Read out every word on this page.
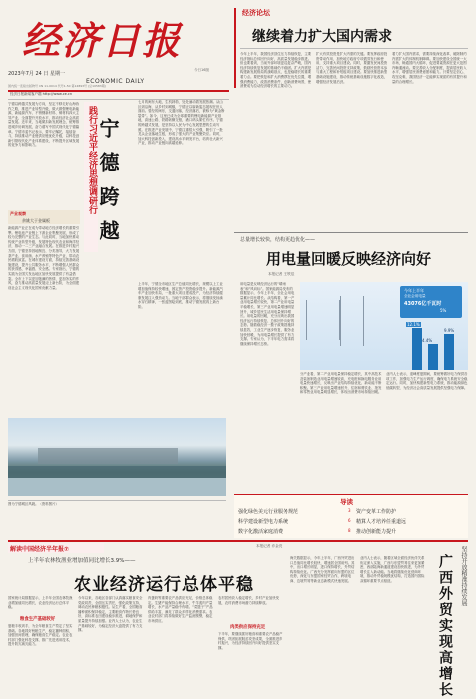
经济日报
2023年7月 24 日 星期一
ECONOMIC DAILY
今日16版
国内统一连续出版物号 CN 11-0014 代号1-50 第14893号 (总10583期)
经济日报新闻客户端 http://www.ce.cn
宁德以跨越式发展为方向，坚定不移走好山海协作之路，推进产业转型升级，做大做强锂电新能源、新能源汽车、不锈钢新材料、铜材料四大主导产业，全面提升开放水平，推动经济社会高质量发展。近年来，当地紧扣新发展理念，统筹推进城乡协调发展，奋力谱写中国式现代化宁德篇章。宁德市委书记表示，要牢记嘱托，接续奋斗，持续推动产业链供应链优化升级，以科技创新引领现代化产业体系建设，不断提升区域发展的竞争力和影响力。
产业观察
余姚大于金属板
新能源产业正在成为带动地方经济增长的重要引擎。锂电池产业链上下游企业集聚发展，形成了较为完整的产业生态。与此同时，当地加快推动传统产业转型升级，发展特色现代农业和海洋经济，推动一二三产业融合发展。在推进乡村振兴方面，宁德坚持因地制宜、分类指导，大力发展茶产业、食用菌、水产养殖等特色产业，带动农民增收致富。在城市建设方面，持续完善基础设施建设，提升公共服务水平，不断增强人民群众的获得感、幸福感、安全感。专家指出，宁德的实践为全国欠发达地区加快发展提供了有益借鉴。全市上下以更加饱满的热情、更加务实的作风，奋力推动高质量发展迈上新台阶，为全面建设社会主义现代化国家贡献力量。
践行习近平经济思想调研行 宁德跨越
七月的闽东大地，生机勃勃，处处涌动着发展热潮。从山区到沿海，从乡村到城镇，宁德正以崭新姿态展现在世人面前。曾经的闽东，交通闭塞，经济落后，被称为“黄金断裂带”。如今，这里已成为全球重要的锂电新能源产业基地，高速公路、铁路纵横交错，港口码头繁忙有序。宁德的跨越式发展，是坚持以人民为中心发展思想的生动写照。在推进产业发展中，宁德注重招大引强，吸引了一批龙头企业落地生根，形成了强大的产业集聚效应。同时，加大科技创新投入，建设高水平研发平台，培育壮大新兴产业，推动产业链向高端延伸。
上半年，宁德全市地区生产总值同比增长，规模以上工业增加值保持较快增速，固定资产投资稳步提升。新能源汽车产业加快布局，一批重大项目建成投产，为经济持续健康发展注入强劲动力。当地干部群众表示，将继续发扬滴水穿石精神，一张蓝图绘到底，推动宁德发展再上新台阶。
图为宁德城区风貌。（资料图片）
经济论坛
继续着力扩大国内需求
今年上半年，我国经济顶住压力持续恢复，主要经济指标总体回升向好，高质量发展稳步推进。但也要看到，当前外部环境更趋复杂严峻，国内经济持续恢复发展的基础仍不稳固。扩大内需是构建新发展格局的战略基点，也是稳增长的重要着力点。要把恢复和扩大消费摆在优先位置，增强消费能力，改善消费条件，创新消费场景，使消费成为拉动经济增长的主要动力。
扩大有效投资是扩大内需的关键。要发挥政府投资带动作用，加快地方政府专项债券发行和使用，支持重大项目建设。同时，要激发民间投资活力，完善民间投资支持政策，鼓励民营资本参与重大工程和补短板项目建设。要加快推进新型基础设施建设，推动传统基础设施数字化改造，增强经济发展后劲。
着力扩大国内需求，需要持续深化改革，破除制约内需扩大的体制机制障碍。要加快建设全国统一大市场，畅通国内大循环，促进要素资源在更大范围内畅通流动。要完善收入分配制度，提高居民收入水平，增强居民消费意愿和能力。只要坚定信心、攻坚克难，我国经济一定能够实现质的有效提升和量的合理增长。
总量增长较快，结构更趋优化——
用电量回暖反映经济向好
本报记者 王轶辰
用电量是反映经济运行的“晴雨表”和“风向标”。国家能源局发布的数据显示，今年上半年，全社会用电量累计同比增长。从结构看，第一产业用电量增长较快，第二产业用电量平稳增长，第三产业用电量增速明显回升，城乡居民生活用电量保持增长。用电量的回暖，充分反映出我国经济运行持续恢复、总体回升向好的态势。随着稳经济一揽子政策措施持续显效，工业生产逐步恢复，服务业加快回暖，为用电量增长提供了有力支撑。专家认为，下半年电力需求将继续保持增长态势。
今年上半年
全社会用电量
43076亿千瓦时
5%
12.1%
4.4%
9.9%
分产业看，第二产业用电量保持稳定增长，其中高技术及装备制造业用电量增速较高，充电桩和换电服务业用电量快速增长，反映出产业结构持续优化、新动能不断积聚。第三产业用电量增速回升，住宿和餐饮业、批发和零售业用电量明显增长，体现出消费市场持续回暖。
业内人士表示，迎峰度夏期间，要统筹做好电力保供各项工作，加强电力生产运行调度，确保电力系统安全稳定运行。同时，加快构建新型电力系统，推动能源绿色低碳转型，为经济社会高质量发展提供坚强电力保障。
导读
强化绿色美元行业服务规范	3 资产变革工作防护
科学建设新型电力系统	6 精算人才培养任重道远
数字化激活家庭消费	8 推动创新能力提升
解读中国经济半年报⑦
上半年农林牧渔业增加值同比增长3.9%——
农业经济运行总体平稳
本报记者 乔金亮
国家统计局数据显示，上半年全国农林牧渔业增加值同比增长，农业经济运行总体平稳。
粮食生产基础较好
夏粮丰收到手，为全年粮食生产奠定了坚实基础。各地抓好秋粮生产，稳定播种面积，加强田间管理，确保粮食生产稳定。农业农村部门强化科技支撑，推广先进适用技术，提升防灾减灾能力。
今年以来，各地区各部门认真落实粮食安全党政同责，全面压实责任，强化政策支持，调动农民种粮积极性。从生产看，全国粮食播种面积保持稳定，主要粮食作物长势良好，高标准农田建设稳步推进，耕地保护和质量提升持续加强。业内人士认为，农业生产基础较好，为稳定经济大盘提供了有力支撑。
肉蛋奶等重要农产品供应充足，价格总体稳定。生猪产能保持合理水平，牛羊禽肉产量增长，水产品产量稳中有增。“菜篮子”产品供给丰富，满足了群众多样化消费需求。农业农村部门将持续做好生产监测预警，稳定市场供应。
农村居民收入稳定增长，乡村产业加快发展，农村消费市场潜力持续释放。
肉类供应保持充足
下半年，要继续抓好粮食和重要农产品稳产保供，巩固拓展脱贫攻坚成果，全面推进乡村振兴，为经济持续回升向好提供坚实支撑。
海关数据显示，今年上半年，广西外贸进出口总值同比增长较快，增速居全国前列。其中，出口增长明显，进口保持增长，外贸结构持续优化。广西充分发挥面向东盟的区位优势，深化与东盟国家经贸合作，跨境电商、边境贸易等新业态新模式快速发展。
业内人士表示，随着区域全面经济伙伴关系协定深入实施，广西与东盟贸易往来更加紧密，西部陆海新通道建设加快推进，为外贸增长注入新动能。当地将继续优化营商环境，推动外贸稳规模优结构，打造国内国际双循环重要节点枢纽。	坚持开放精准持续发展
广西外贸实现高增长
